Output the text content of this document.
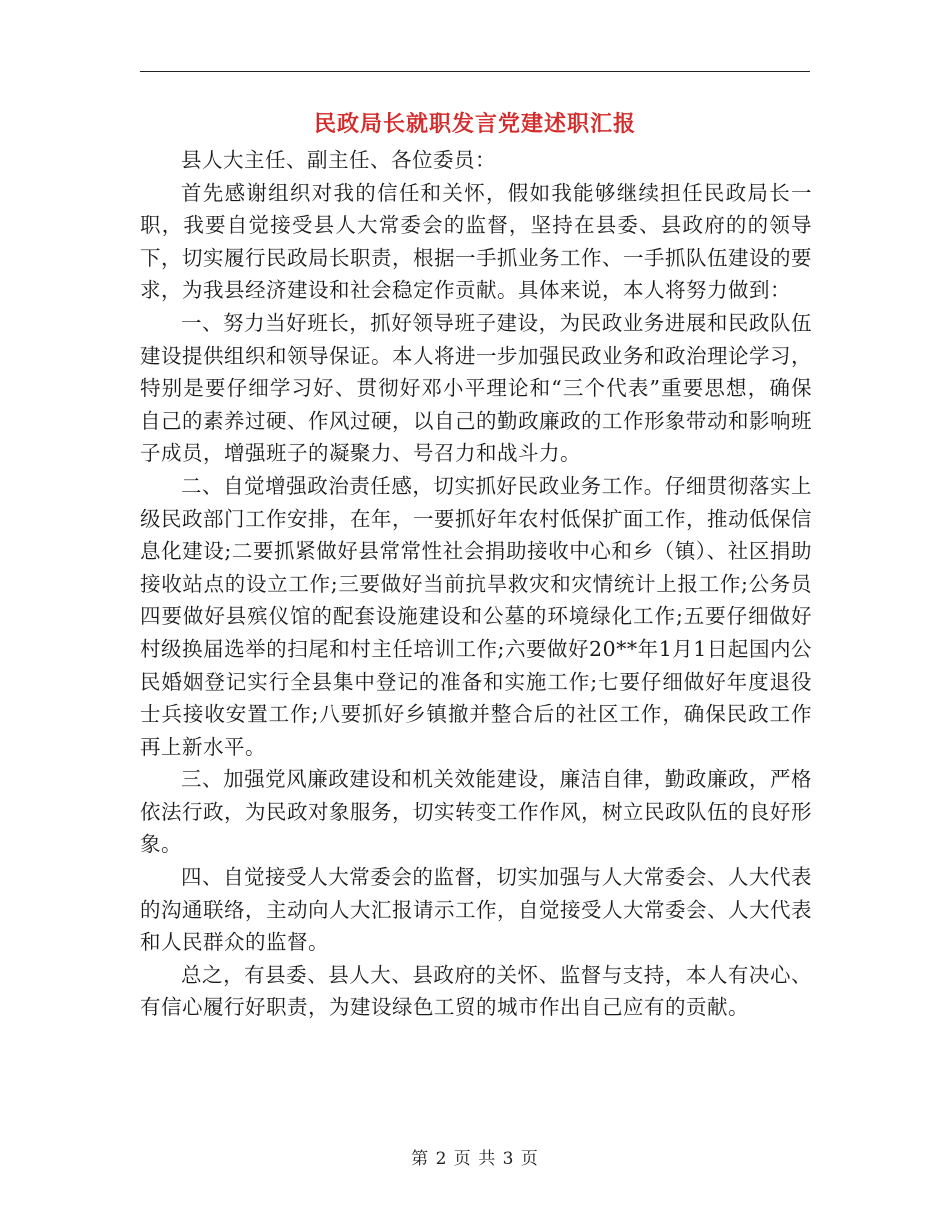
民政局长就职发言党建述职汇报

县人大主任、副主任、各位委员：

首先感谢组织对我的信任和关怀，假如我能够继续担任民政局长一职，我要自觉接受县人大常委会的监督，坚持在县委、县政府的的领导下，切实履行民政局长职责，根据一手抓业务工作、一手抓队伍建设的要求，为我县经济建设和社会稳定作贡献。具体来说，本人将努力做到：

一、努力当好班长，抓好领导班子建设，为民政业务进展和民政队伍建设提供组织和领导保证。本人将进一步加强民政业务和政治理论学习，特别是要仔细学习好、贯彻好邓小平理论和“三个代表”重要思想，确保自己的素养过硬、作风过硬，以自己的勤政廉政的工作形象带动和影响班子成员，增强班子的凝聚力、号召力和战斗力。

二、自觉增强政治责任感，切实抓好民政业务工作。仔细贯彻落实上级民政部门工作安排，在年，一要抓好年农村低保扩面工作，推动低保信息化建设;二要抓紧做好县常常性社会捐助接收中心和乡（镇）、社区捐助接收站点的设立工作;三要做好当前抗旱救灾和灾情统计上报工作;公务员四要做好县殡仪馆的配套设施建设和公墓的环境绿化工作;五要仔细做好村级换届选举的扫尾和村主任培训工作;六要做好20**年1月1日起国内公民婚姻登记实行全县集中登记的准备和实施工作;七要仔细做好年度退役士兵接收安置工作;八要抓好乡镇撤并整合后的社区工作，确保民政工作再上新水平。

三、加强党风廉政建设和机关效能建设，廉洁自律，勤政廉政，严格依法行政，为民政对象服务，切实转变工作作风，树立民政队伍的良好形象。

四、自觉接受人大常委会的监督，切实加强与人大常委会、人大代表的沟通联络，主动向人大汇报请示工作，自觉接受人大常委会、人大代表和人民群众的监督。

总之，有县委、县人大、县政府的关怀、监督与支持，本人有决心、有信心履行好职责，为建设绿色工贸的城市作出自己应有的贡献。

第 2 页 共 3 页
